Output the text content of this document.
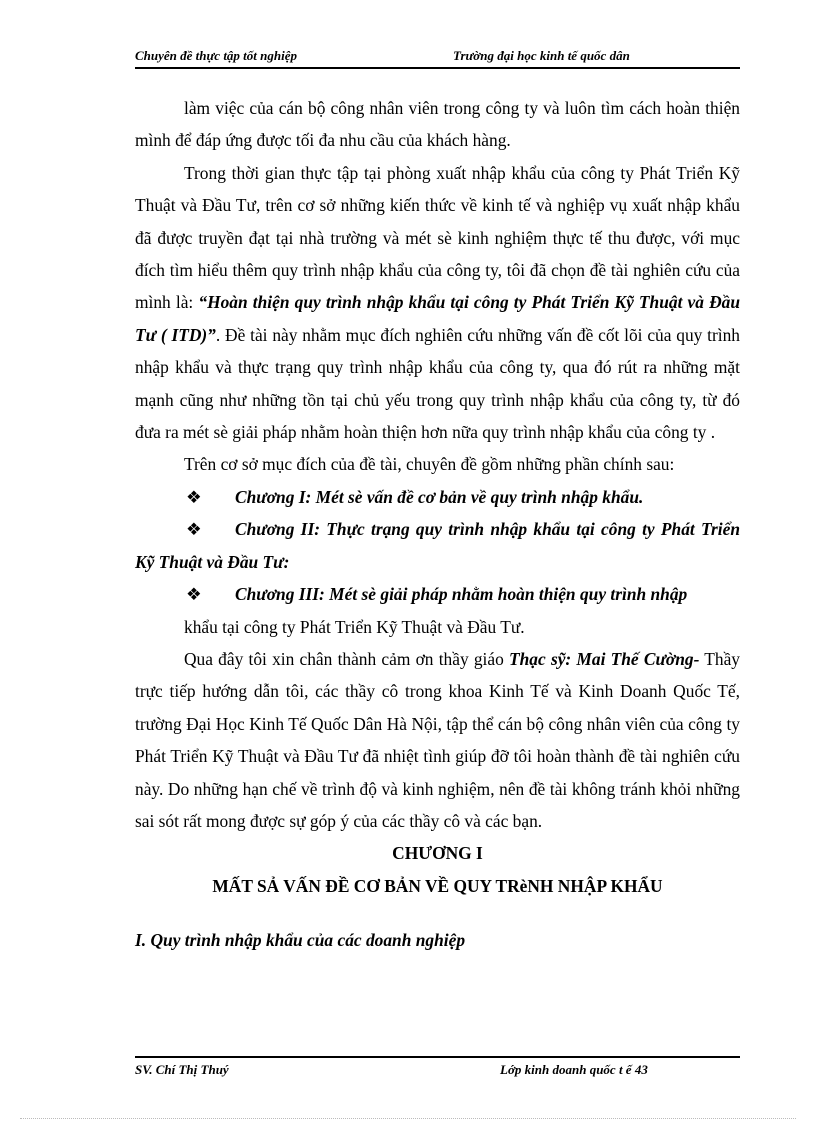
Chuyên đề thực tập tốt nghiệp	Trường đại học kinh tế quốc dân

làm việc của cán bộ công nhân viên trong công ty và luôn tìm cách hoàn thiện mình để đáp ứng được tối đa nhu cầu của khách hàng.

Trong thời gian thực tập tại phòng xuất nhập khẩu của công ty Phát Triển Kỹ Thuật và Đầu Tư, trên cơ sở những kiến thức về kinh tế và nghiệp vụ xuất nhập khẩu đã được truyền đạt tại nhà trường và mét sè kinh nghiệm thực tế thu được, với mục đích tìm hiểu thêm quy trình nhập khẩu của công ty, tôi đã chọn đề tài nghiên cứu của mình là: “Hoàn thiện quy trình nhập khẩu tại công ty Phát Triển Kỹ Thuật và Đầu Tư ( ITD)”. Đề tài này nhằm mục đích nghiên cứu những vấn đề cốt lõi của quy trình nhập khẩu và thực trạng quy trình nhập khẩu của công ty, qua đó rút ra những mặt mạnh cũng như những tồn tại chủ yếu trong quy trình nhập khẩu của công ty, từ đó đưa ra mét sè giải pháp nhằm hoàn thiện hơn nữa quy trình nhập khẩu của công ty .

Trên cơ sở mục đích của đề tài, chuyên đề gồm những phần chính sau:

❖ Chương I: Mét sè vấn đề cơ bản về quy trình nhập khẩu.

❖ Chương II: Thực trạng quy trình nhập khẩu tại công ty Phát Triển Kỹ Thuật và Đầu Tư:

❖ Chương III: Mét sè giải pháp nhằm hoàn thiện quy trình nhập

khẩu tại công ty Phát Triển Kỹ Thuật và Đầu Tư.

Qua đây tôi xin chân thành cảm ơn thầy giáo Thạc sỹ: Mai Thế Cường- Thầy trực tiếp hướng dẫn tôi, các thầy cô trong khoa Kinh Tế và Kinh Doanh Quốc Tế, trường Đại Học Kinh Tế Quốc Dân Hà Nội, tập thể cán bộ công nhân viên của công ty Phát Triển Kỹ Thuật và Đầu Tư đã nhiệt tình giúp đỡ tôi hoàn thành đề tài nghiên cứu này. Do những hạn chế về trình độ và kinh nghiệm, nên đề tài không tránh khỏi những sai sót rất mong được sự góp ý của các thầy cô và các bạn.

CHƯƠNG I

MẤT SẢ VẤN ĐỀ CƠ BẢN VỀ QUY TRèNH NHẬP KHẨU

I. Quy trình nhập khẩu của các doanh nghiệp

SV. Chí Thị Thuý	Lớp kinh doanh quốc t ế 43
